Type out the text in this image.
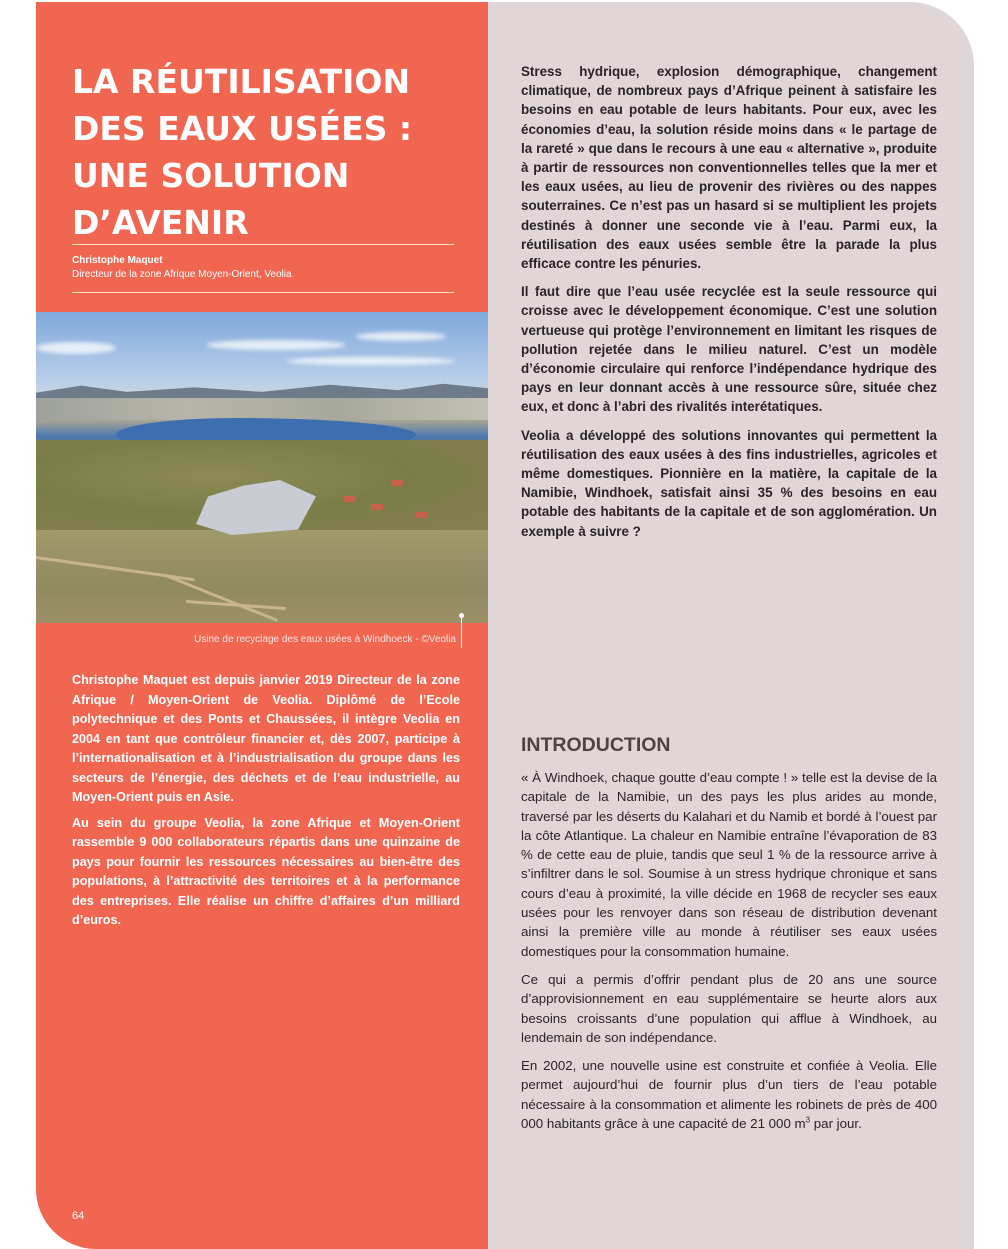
LA RÉUTILISATION DES EAUX USÉES : UNE SOLUTION D’AVENIR
Christophe Maquet
Directeur de la zone Afrique Moyen-Orient, Veolia
Usine de recyclage des eaux usées à Windhoeck - ©Veolia

Christophe Maquet est depuis janvier 2019 Directeur de la zone Afrique / Moyen-Orient de Veolia. Diplômé de l’Ecole polytechnique et des Ponts et Chaussées, il intègre Veolia en 2004 en tant que contrôleur financier et, dès 2007, participe à l’internationalisation et à l’industrialisation du groupe dans les secteurs de l’énergie, des déchets et de l’eau industrielle, au Moyen-Orient puis en Asie.

Au sein du groupe Veolia, la zone Afrique et Moyen-Orient rassemble 9 000 collaborateurs répartis dans une quinzaine de pays pour fournir les ressources nécessaires au bien-être des populations, à l’attractivité des territoires et à la performance des entreprises. Elle réalise un chiffre d’affaires d’un milliard d’euros.

64

Stress hydrique, explosion démographique, changement climatique, de nombreux pays d’Afrique peinent à satisfaire les besoins en eau potable de leurs habitants. Pour eux, avec les économies d’eau, la solution réside moins dans « le partage de la rareté » que dans le recours à une eau « alternative », produite à partir de ressources non conventionnelles telles que la mer et les eaux usées, au lieu de provenir des rivières ou des nappes souterraines. Ce n’est pas un hasard si se multiplient les projets destinés à donner une seconde vie à l’eau. Parmi eux, la réutilisation des eaux usées semble être la parade la plus efficace contre les pénuries.

Il faut dire que l’eau usée recyclée est la seule ressource qui croisse avec le développement économique. C’est une solution vertueuse qui protège l’environnement en limitant les risques de pollution rejetée dans le milieu naturel. C’est un modèle d’économie circulaire qui renforce l’indépendance hydrique des pays en leur donnant accès à une ressource sûre, située chez eux, et donc à l’abri des rivalités interétatiques.

Veolia a développé des solutions innovantes qui permettent la réutilisation des eaux usées à des fins industrielles, agricoles et même domestiques. Pionnière en la matière, la capitale de la Namibie, Windhoek, satisfait ainsi 35 % des besoins en eau potable des habitants de la capitale et de son agglomération. Un exemple à suivre ?

INTRODUCTION

« À Windhoek, chaque goutte d’eau compte ! » telle est la devise de la capitale de la Namibie, un des pays les plus arides au monde, traversé par les déserts du Kalahari et du Namib et bordé à l’ouest par la côte Atlantique. La chaleur en Namibie entraîne l’évaporation de 83 % de cette eau de pluie, tandis que seul 1 % de la ressource arrive à s’infiltrer dans le sol. Soumise à un stress hydrique chronique et sans cours d’eau à proximité, la ville décide en 1968 de recycler ses eaux usées pour les renvoyer dans son réseau de distribution devenant ainsi la première ville au monde à réutiliser ses eaux usées domestiques pour la consommation humaine.

Ce qui a permis d’offrir pendant plus de 20 ans une source d’approvisionnement en eau supplémentaire se heurte alors aux besoins croissants d’une population qui afflue à Windhoek, au lendemain de son indépendance.

En 2002, une nouvelle usine est construite et confiée à Veolia. Elle permet aujourd’hui de fournir plus d’un tiers de l’eau potable nécessaire à la consommation et alimente les robinets de près de 400 000 habitants grâce à une capacité de 21 000 $m^3$ par jour.
